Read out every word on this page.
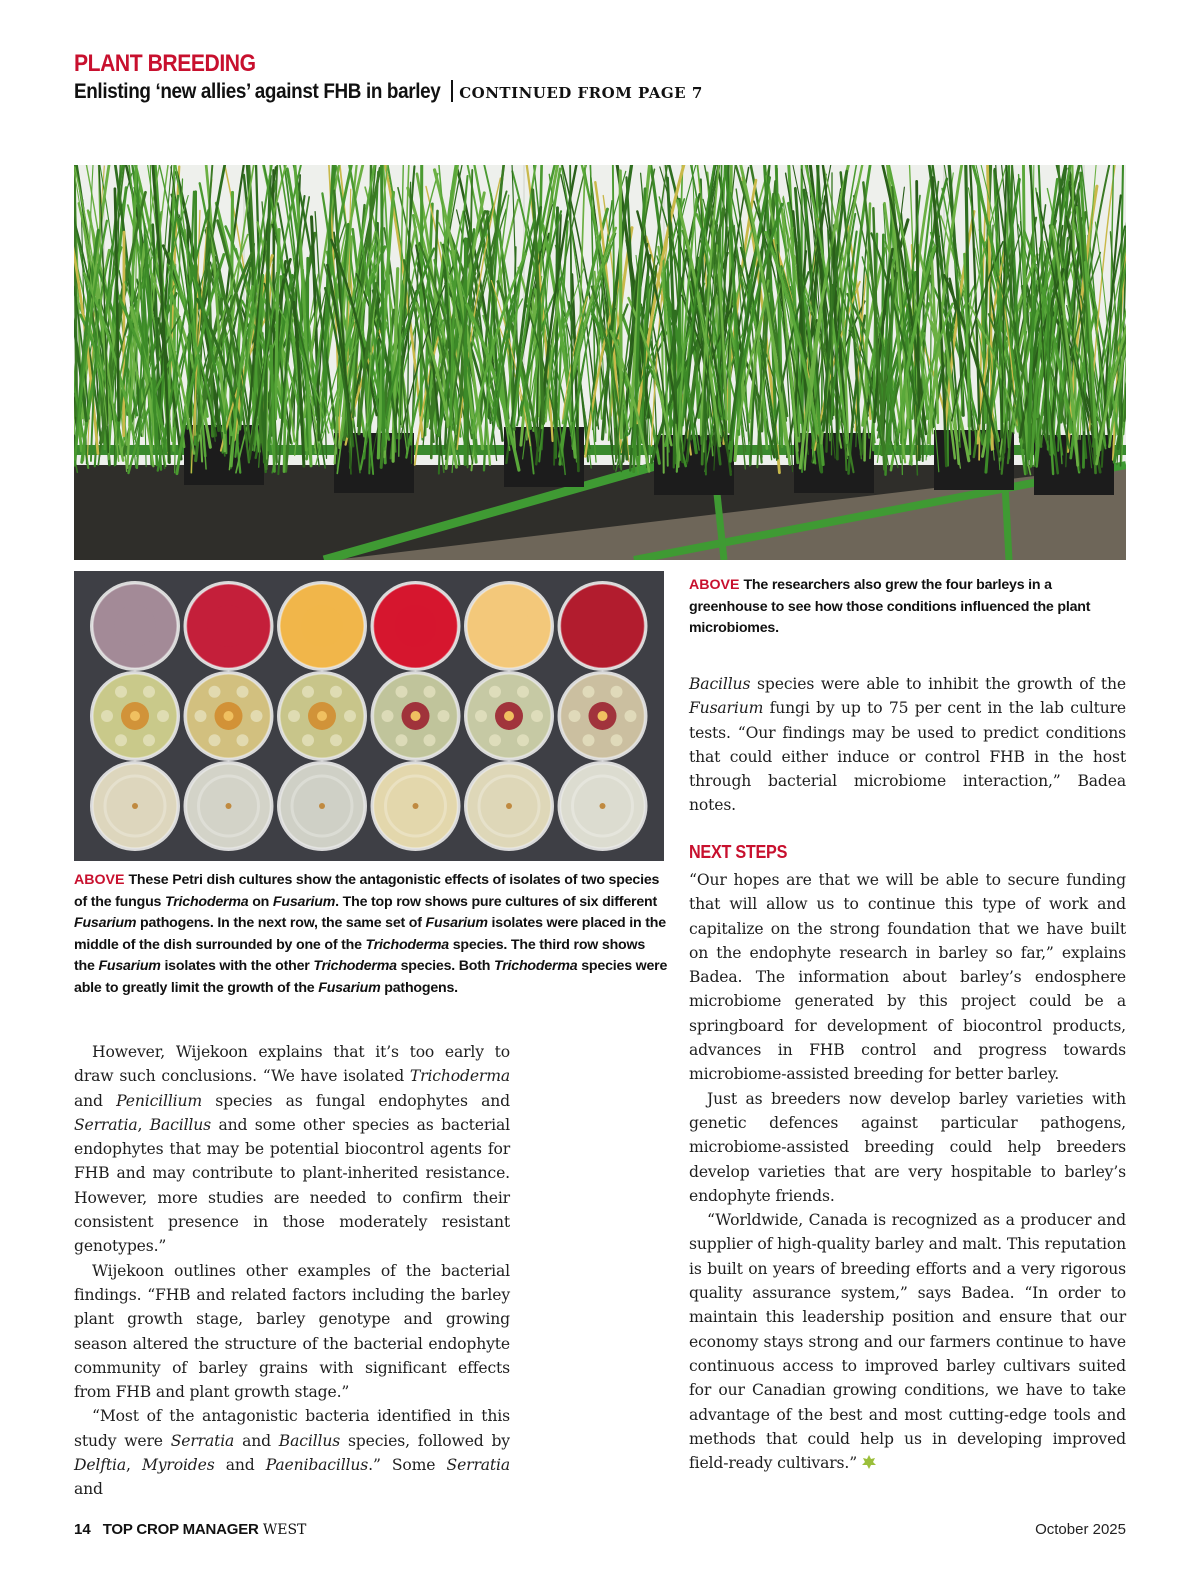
PLANT BREEDING
Enlisting ‘new allies’ against FHB in barley CONTINUED FROM PAGE 7
ABOVE These Petri dish cultures show the antagonistic effects of isolates of two species of the fungus Trichoderma on Fusarium. The top row shows pure cultures of six different Fusarium pathogens. In the next row, the same set of Fusarium isolates were placed in the middle of the dish surrounded by one of the Trichoderma species. The third row shows the Fusarium isolates with the other Trichoderma species. Both Trichoderma species were able to greatly limit the growth of the Fusarium pathogens.
ABOVE The researchers also grew the four barleys in a greenhouse to see how those conditions influenced the plant microbiomes.

However, Wijekoon explains that it’s too early to draw such conclusions. “We have isolated Trichoderma and Penicillium species as fungal endophytes and Serratia, Bacillus and some other species as bacterial endophytes that may be potential biocontrol agents for FHB and may contribute to plant-inherited resistance. However, more studies are needed to confirm their consistent presence in those moderately resistant genotypes.”

Wijekoon outlines other examples of the bacterial findings. “FHB and related factors including the barley plant growth stage, barley genotype and growing season altered the structure of the bacterial endophyte community of barley grains with significant effects from FHB and plant growth stage.”

“Most of the antagonistic bacteria identified in this study were Serratia and Bacillus species, followed by Delftia, Myroides and Paenibacillus.” Some Serratia and

Bacillus species were able to inhibit the growth of the Fusarium fungi by up to 75 per cent in the lab culture tests. “Our findings may be used to predict conditions that could either induce or control FHB in the host through bacterial microbiome interaction,” Badea notes.

NEXT STEPS

“Our hopes are that we will be able to secure funding that will allow us to continue this type of work and capitalize on the strong foundation that we have built on the endophyte research in barley so far,” explains Badea. The information about barley’s endosphere microbiome generated by this project could be a springboard for development of biocontrol products, advances in FHB control and progress towards microbiome-assisted breeding for better barley.

Just as breeders now develop barley varieties with genetic defences against particular pathogens, microbiome-assisted breeding could help breeders develop varieties that are very hospitable to barley’s endophyte friends.

“Worldwide, Canada is recognized as a producer and supplier of high-quality barley and malt. This reputation is built on years of breeding efforts and a very rigorous quality assurance system,” says Badea. “In order to maintain this leadership position and ensure that our economy stays strong and our farmers continue to have continuous access to improved barley cultivars suited for our Canadian growing conditions, we have to take advantage of the best and most cutting-edge tools and methods that could help us in developing improved field-ready cultivars.”

14 TOP CROP MANAGER WEST	October 2025
